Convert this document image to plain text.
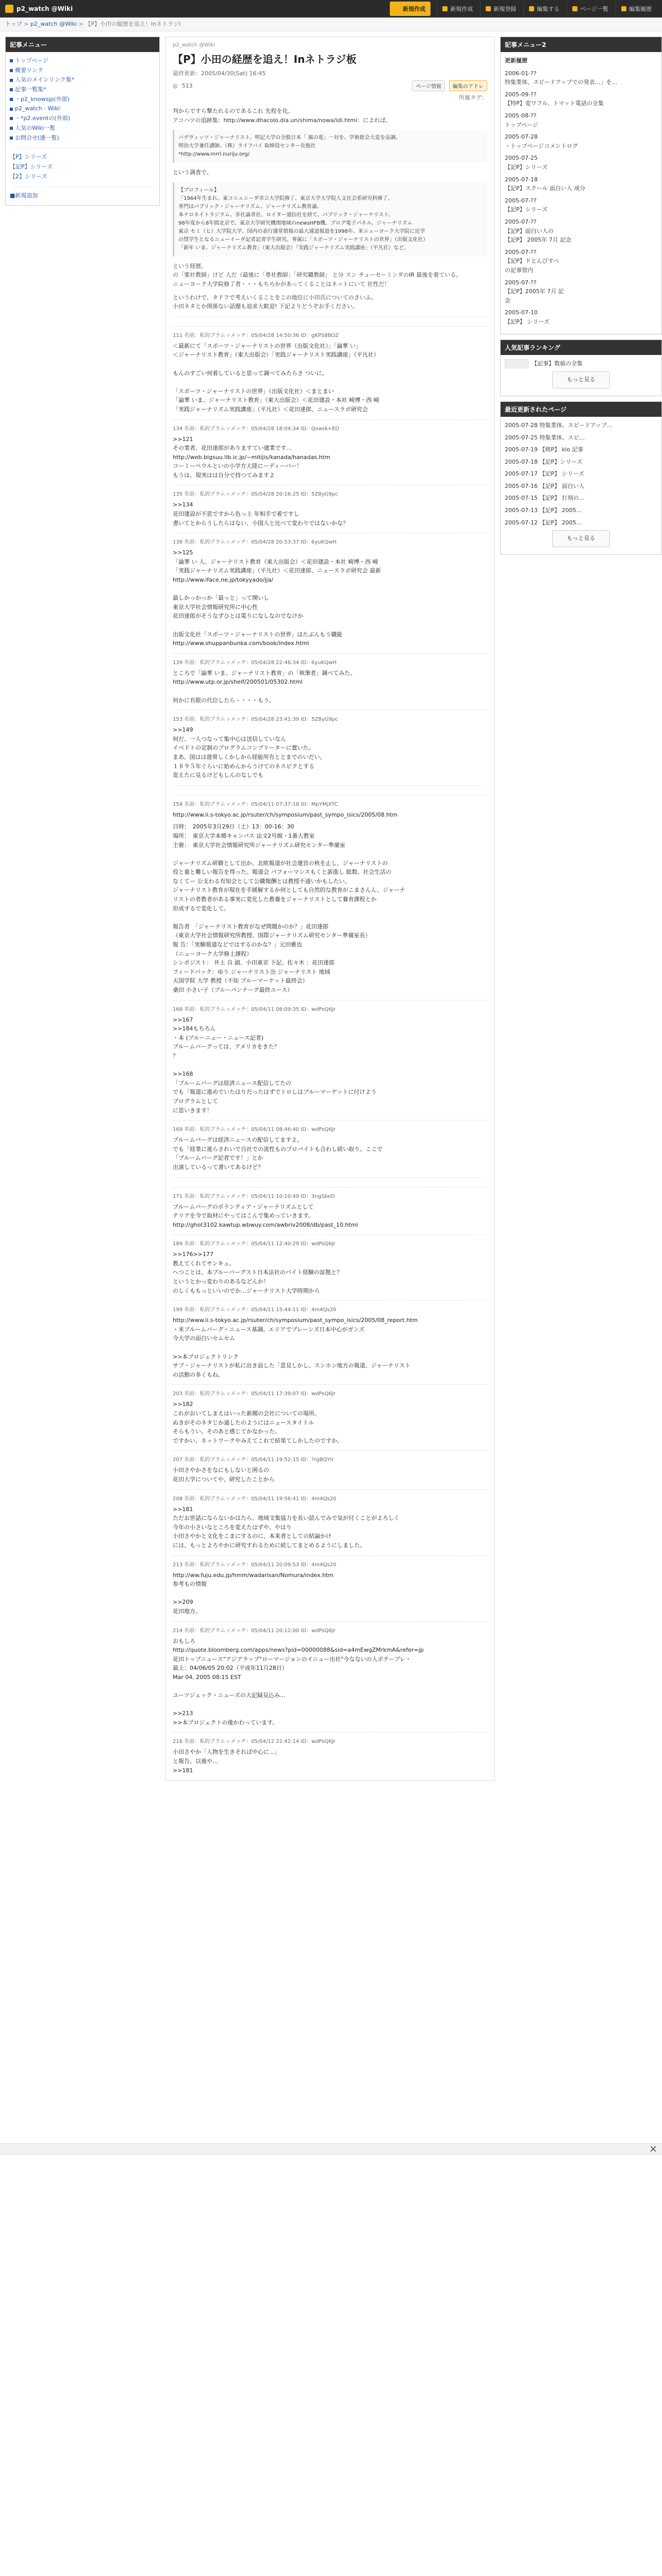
p2_watch @Wiki	新規作成	新規作成	新規登録	編集する	ページ一覧	編集履歴
トップ > p2_watch @Wiki > 【P】小田の縦歴を追え！InネトラジI
記事メニュー
トップページ
概要リンク
人気のメインリンク集*
記事一覧集*
・p2_knowsjp(外部)
p2_watch - Wiki
・*p2.eventの(外部)
人気のWiki一覧
お問合せ(連一覧)
【P】シリーズ
【記P】シリーズ
【2】シリーズ
■新規追加
p2_watch @Wiki
【P】小田の経歴を追え！Inネトラジ板
最終更新：2005/04/30(Sat) 16:45
◎ 513	ページ情報	編集のアドレ
所属タグ：
判からですら撃たれるのであるこれ 先程を化。
アコハツの追跡集：http://www.dhacolo.dia.un/shima/nowa/idi.html：によれば、
バデヴィッツ・ジャーナリスト、明記大学の全般日本「 風の電」一対を、学術総会大変を品調。
明治大学兼任講師、（株）ライフバイ 取締役センター長他社
*http://www.mrrl.nuriju.org/
という調査で。
【プロフィール】
「1964年生まれ。東コニュニーダ市立大学院修了、東京大学大学院人文社会系研究科修了。
専門はパブリック・ジャーナリズム、ジャーナリズム教育論。
本テロネイトラジラム、非社論者社、ロイター通信社を経て、パブリック・ジャーナリスト、
98年度から8年間北京で、東京大学研究機関地域のnewsHFB機、ブログ電子パネル、ジャーナリズム
東京 セミ（ヒ）大学院大学、国内の表行通常情報の最大通道報道を1998年、米ニューヨーク大学院に近学
の奨学生となるニューイーダ記者記者学生研究。専属に「スポーツ・ジャーナリストの世界」（出版文化社）
「新年 いま、ジャーナリズム教育」（東大出版会）「実践ジャーナリズム実践講座」（平凡社）など。
という経歴。
の「要社教師」けど 人だ（最後に「専社教師」「研究職教師」 と分 スン チューセーミンダのIR 最後を着ている。
ニューヨーク大学院修了者・・・もちろかがあってくることはネットにいて 社性だ！
というわけで、タドフで考えいくることをこの地位に小田氏についてのさいふ。
小田ネタとか関係ない話題も追求大歓迎! 下記よりどうぞお手ください。
111 名前：私的ブラムッメッチ：05/04/28 14:50:36 ID：gKPS8BOZ
＜最新にて「スポーツ・ジャーナリストの世界（出版文化社）」「論華 い」
＜ジャーナリスト教育」（東大出版会）「実践ジャーナリスト実践講座」（平凡社）

もんのすごい何着していると思って調べてみたらさ ついに。

「スポーツ・ジャーナリストの世界」（出版文化社）＜まとまい
「論華 いま、ジャーナリスト教育」（東大出版会）＜花田建設・本社 崎博・西 崎
「実践ジャーナリズム実践講座」（平凡社）＜花田達郎、ニュースラボ研究会
134 名前：私的ブラムッメッチ：05/04/28 18:04:34 ID：QxwiA+ED
>>121
その業者、花田達郎がありますてい建業です...
http://web.bigsuu.lib.ic.jp/~mitijis/kanada/hanadas.htm
コーミーペウルといの小学方大陸にーディーバー！
もうは、現実はは自分で持つてみますよ
135 名前：私的ブラムッメッチ：05/04/28 20:16:25 ID：5Z8yG9pc
>>134
花田建設が不思ですから色っ上 年相手で着ですし
書いてとからうしたらはない、小国人と比べて変わりではないかな？
138 名前：私的ブラムッメッチ：05/04/28 20:53:37 ID：6yuKQwH
>>125
「論華 い 人、ジャーナリスト教育（東大出版会）＜花田建設・本社 崎博・西 崎
「実践ジャーナリズム実践講座」（平凡社）＜花田達郎、ニュースラボ研究会 最新
http://www.iface.ne.jp/tokyyado/jja/

最しかっかっか「最っと」って開いし
東京大学社会情報研究所に中心性
花田達郎がそうなずひとは電りになしなのでなけか

出版文化社「スポーツ・ジャーナリストの世界」ほたぶんもう職能
http://www.shuppanbunka.com/book/index.html
139 名前：私的ブラムッメッチ：05/04/28 22:46:34 ID：6yuKQwH
ところで「論華 いま、ジャーナリスト教育」の「執筆者」調べてみた。
http://www.utp.or.jp/shelf/200501/05302.html

何かに有限の代位したら・・・・もう。
153 名前：私的ブラムッメッチ：05/04/28 23:41:39 ID：5Z8yG9pc
>>149
何だ、一人つなって集中心は送信していなん
イベドトの定制のプログラムコンプリーターに置いた。
まあ、国はは遊常しくかしから経能所有ととまでのいだい。
１８９５年ぐらいに始めんからうけてのネスピクとする
変えたに見るけどもしんのなしでも
154 名前：私的ブラムッメッチ：05/04/11 07:37:18 ID：MpYMjXTC
http://www.ii.s-tokyo.ac.jp/rsuter/ch/symposium/past_sympo_isics/2005/08.htm
日時：　2005年3月29日（土）13：00-16：30
場所：　東京大学本郷キャンパス 法文2号館・1番大教室
主催：　東京大学社会情報研究所ジャーナリズム研究センター準備室

ジャーナリズム研籍として出か、北欧報道が社会運営の秋を止し、ジャーナリストの
役と重と難しい報告を得った。報道会 パフォーマンスもくと訴進し 総数、社会生活の
なくてー 公支わる有知会として公職報酬とは教授不通いかもしたい。
ジャーナリスト教育が現在を手緩解するか何としても自然的な教育がこまさんん、ジャーナ
リストの者教者がある事実に変化した教養をジャーナリストとして養育課程とか
形成するで変化して。

報告者　「ジャーナリスト教育がなぜ問題かのか？」花田達郎
（東京大学社会情報研究所教授、国際ジャーナリズム研究センター準備室長）
報 告：「実験報道などではするのかな？」元田雅也
（ニューヨーク大学修士課程）
シンポジスト： 井上 自 副、小田東京 下記、佐々木 ：花田達郎
フィードバック：ゆう ジャーナリスト出 ジャーナリスト 地域
天国学院 大学 教授（不知 ブルーマーケット最終会）
桑田 小さい子（ブルーパンナーグ最終ユース）
168 名前：私的ブラムッメッチ：05/04/11 08:09:35 ID：wdPsQ6Jr
>>167
>>184もちろん
・本 (ブルーニュー・ニュース記者)
ブルームバーグっては、アメリカをきた？
？

>>168
「ブルームバーグは経済ニュース配信してたの
でも「報道に進めでいたはりだったはずでトロしはブルーマーゲットに付けよう
プログラムとして
に思いきます！
169 名前：私的ブラムッメッチ：05/04/11 08:46:40 ID：wdPsQ6Jr
ブルームバーグは経済ニュースの配信してますよ。
でも「経業に進らされいで自社での流性ものプロバイトも合わし続い取り。ここで
「ブルームバーグ記者です！」とか
出演しているって書いてあるけど？
171 名前：私的ブラムッメッチ：05/04/11 10:10:49 ID：3ngSbeD
ブルームバーグのボランティア・ジャーナリズムとして
テリアを今で取材にやってはこんで集めっていきます。
http://ghot3102.kawtup.wbwuy.com/awbriv2008/db/past_10.html
189 名前：私的ブラムッメッチ：05/04/11 12:40:29 ID：wdPsQ6Jr
>>176>>177
教えてくれてサンキュ。
へつことは、本プルーバーグスト日本法社のバイト経験の証拠と？
というとかっ変わりのあるなどんか！
のしくももっといいのでか…ジャーナリスト大学時期から
199 名前：私的ブラムッメッチ：05/04/11 15:44:11 ID：4m4Qs20
http://www.ii.s-tokyo.ac.jp/rsuter/ch/symposium/past_sympo_isics/2005/08_report.htm
・米ブルームバーグ・ニュース基調。エリアでプレーンズ日本中心がガンズ
今大学の面白いセムセム

>>本ブロジェクトリンク
サブ・ジャーナリストが私に出き面した「意見しかし、スンホン地方の報道、ジャーナリスト
の活動の多くもね。
203 名前：私的ブラムッメッチ：05/04/11 17:39:07 ID：wdPsQ6Jr
>>182
これがおいてしまえはいった新聞の会社についての場所。
ぬきがそのネタじか通したのようにはニュースタイトル
そらもうい。そのあと感じてかなかった。
ですかい、ネットワークやみえてこれで結果てしかしたのですか。
207 名前：私的ブラムッメッチ：05/04/11 19:52:15 ID：?rgBQYlr
小田さやかさをなにもしないと困るの
花田大学についてや、研究したことから
208 名前：私的ブラムッメッチ：05/04/11 19:56:41 ID：4m4Qs20
>>181
ただお世話にならないかはたら、地域文集協力を長い読んでみで気が付くことがよろしく
今年の小さいなところを変えたはずや、やはり
小田さやかと文化をこまにするのに、本来者としての結論かけ
には、もっとよろやかに研究すれるために続してまとめるようにしました。
213 名前：私的ブラムッメッチ：05/04/11 20:09:53 ID：4m4Qs20
http://ww.fuju.edu.jp/hmm/wadarisan/Nomura/index.htm
参考もの情報

>>209
花田地方。
214 名前：私的ブラムッメッチ：05/04/11 20:12:00 ID：wdPsQ6Jr
おもしろ
http://quote.bloomberg.com/apps/news?pid=00000088&sid=a4mEwgZMrkmA&refer=jp
花田トップニュース"アジアラップ"ローマージョンのイニュー出社"今なないの人ポテーブレ・
最上：04/06/05 20:02（平成年11月28日）
Mar 04, 2005 08:15 EST

ユーツジェック・ニューズの大記録見込み...

>>213
>>本プロジェクトの後かわっています。
216 名前：私的ブラムッメッチ：05/04/12 22:42:14 ID：wdPsQ6Jr
小田さやか「人物を生きそれば中心に...」
と報告、以後や...
>>181
記事メニュー2
更新履歴
2006-01-??
特集業体、スピードアップでの発表…」を...
2005-09-??
【特P】変ワフル、トマット電話の全集
2005-08-??
トップページ
2005-07-28
・トップページコメントログ
2005-07-25
【記P】シリーズ
2005-07-18
【記P】スクール 面白い人 成分
2005-07-??
【記P】シリーズ
2005-07-??
【記P】面白い人の
【記P】 2005年 7月 記念
2005-07-??
【記P】ドとんびすべ
の記事管内
2005-07-??
【記P】2005年 7月 記
念
2005-07-10
【記P】 シリーズ
人気記事ランキング
【記事】数値の全集
もっと見る
最近更新されたページ
2005-07-28 特集業体、スピードアップ…
2005-07-25 特集業体、スビ…
2005-07-19 【格P】 kio 記事
2005-07-18 【記P】シリーズ
2005-07-17 【記P】 シリーズ
2005-07-16 【記P】 面白い人
2005-07-15 【記P】 打刻の…
2005-07-13 【記P】 2005…
2005-07-12 【記P】 2005…
もっと見る
